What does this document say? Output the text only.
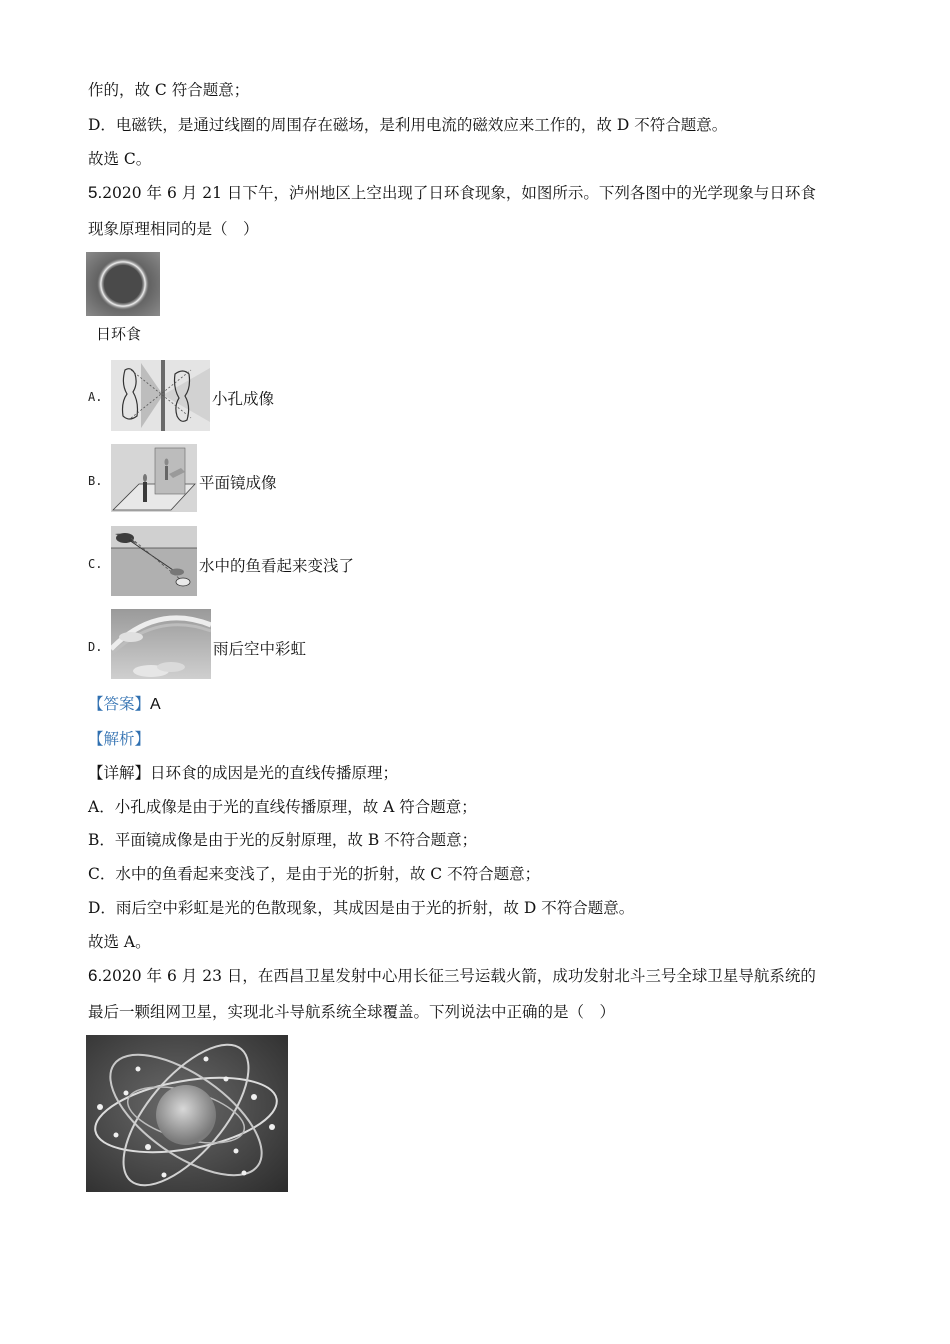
作的，故 C 符合题意；
D．电磁铁，是通过线圈的周围存在磁场，是利用电流的磁效应来工作的，故 D 不符合题意。
故选 C。
5.2020 年 6 月 21 日下午，泸州地区上空出现了日环食现象，如图所示。下列各图中的光学现象与日环食
现象原理相同的是（　）
日环食
A.	小孔成像
B.	平面镜成像
C.	水中的鱼看起来变浅了
D.	雨后空中彩虹
【答案】A
【解析】
【详解】日环食的成因是光的直线传播原理；
A．小孔成像是由于光的直线传播原理，故 A 符合题意；
B．平面镜成像是由于光的反射原理，故 B 不符合题意；
C．水中的鱼看起来变浅了，是由于光的折射，故 C 不符合题意；
D．雨后空中彩虹是光的色散现象，其成因是由于光的折射，故 D 不符合题意。
故选 A。
6.2020 年 6 月 23 日，在西昌卫星发射中心用长征三号运载火箭，成功发射北斗三号全球卫星导航系统的
最后一颗组网卫星，实现北斗导航系统全球覆盖。下列说法中正确的是（　）
